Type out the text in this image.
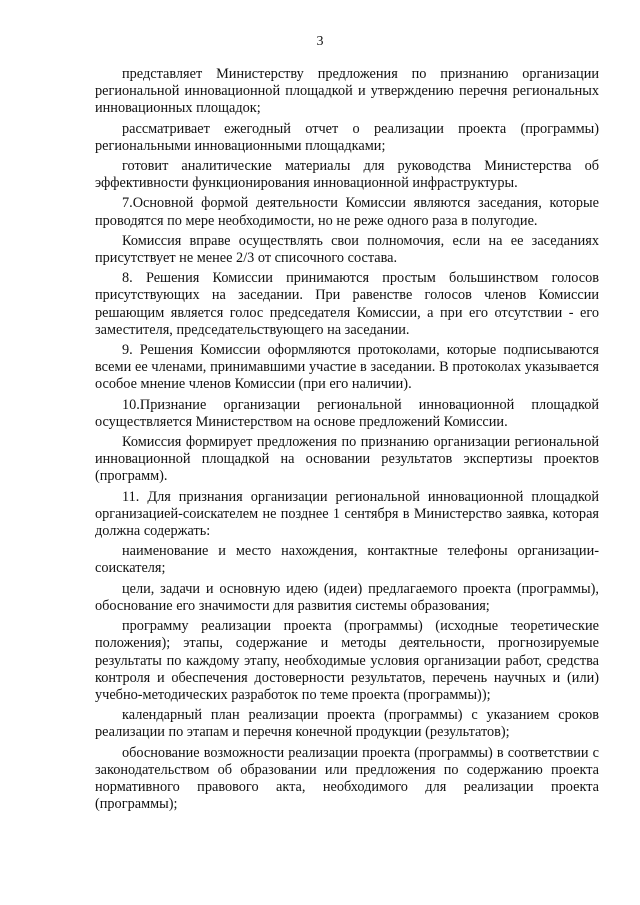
3

представляет Министерству предложения по признанию организации региональной инновационной площадкой и утверждению перечня региональных инновационных площадок;

рассматривает ежегодный отчет о реализации проекта (программы) региональными инновационными площадками;

готовит аналитические материалы для руководства Министерства об эффективности функционирования инновационной инфраструктуры.

7.Основной формой деятельности Комиссии являются заседания, которые проводятся по мере необходимости, но не реже одного раза в полугодие.

Комиссия вправе осуществлять свои полномочия, если на ее заседаниях присутствует не менее 2/3 от списочного состава.

8. Решения Комиссии принимаются простым большинством голосов присутствующих на заседании. При равенстве голосов членов Комиссии решающим является голос председателя Комиссии, а при его отсутствии - его заместителя, председательствующего на заседании.

9. Решения Комиссии оформляются протоколами, которые подписываются всеми ее членами, принимавшими участие в заседании. В протоколах указывается особое мнение членов Комиссии (при его наличии).

10.Признание организации региональной инновационной площадкой осуществляется Министерством на основе предложений Комиссии.

Комиссия формирует предложения по признанию организации региональной инновационной площадкой на основании результатов экспертизы проектов (программ).

11. Для признания организации региональной инновационной площадкой организацией-соискателем не позднее 1 сентября в Министерство заявка, которая должна содержать:

наименование и место нахождения, контактные телефоны организации-соискателя;

цели, задачи и основную идею (идеи) предлагаемого проекта (программы), обоснование его значимости для развития системы образования;

программу реализации проекта (программы) (исходные теоретические положения); этапы, содержание и методы деятельности, прогнозируемые результаты по каждому этапу, необходимые условия организации работ, средства контроля и обеспечения достоверности результатов, перечень научных и (или) учебно-методических разработок по теме проекта (программы));

календарный план реализации проекта (программы) с указанием сроков реализации по этапам и перечня конечной продукции (результатов);

обоснование возможности реализации проекта (программы) в соответствии с законодательством об образовании или предложения по содержанию проекта нормативного правового акта, необходимого для реализации проекта (программы);
